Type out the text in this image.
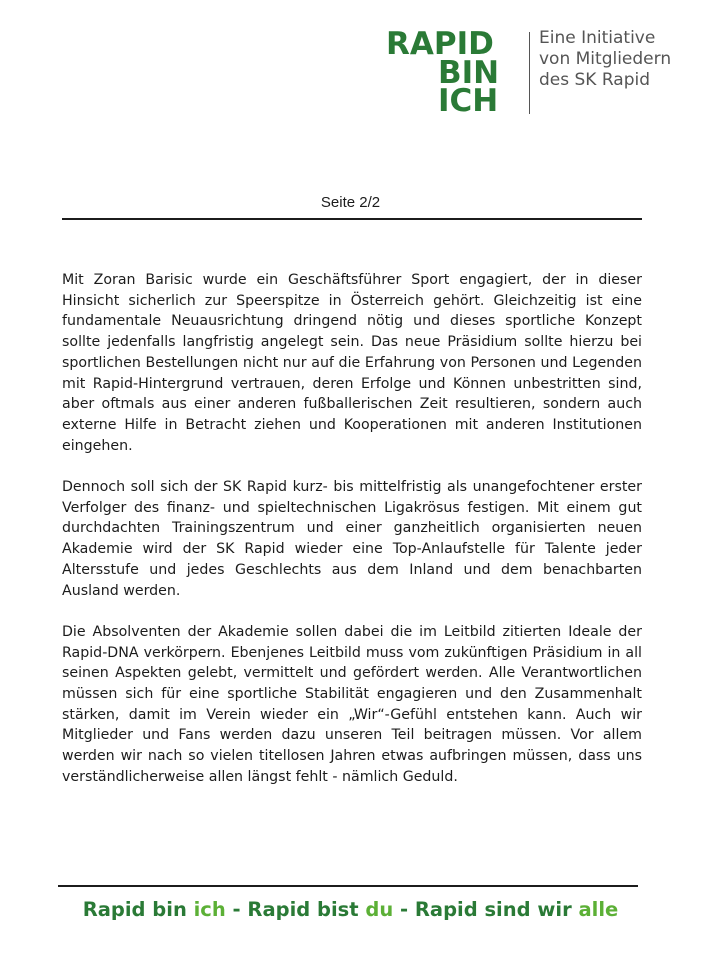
RAPID
BIN
ICH
Eine Initiative
von Mitgliedern
des SK Rapid
Seite 2/2

Mit Zoran Barisic wurde ein Geschäftsführer Sport engagiert, der in dieser Hinsicht sicherlich zur Speerspitze in Österreich gehört. Gleichzeitig ist eine fundamentale Neuausrichtung dringend nötig und dieses sportliche Konzept sollte jedenfalls langfristig angelegt sein. Das neue Präsidium sollte hierzu bei sportlichen Bestellungen nicht nur auf die Erfahrung von Personen und Legenden mit Rapid-Hintergrund vertrauen, deren Erfolge und Können unbestritten sind, aber oftmals aus einer anderen fußballerischen Zeit resultieren, sondern auch externe Hilfe in Betracht ziehen und Kooperationen mit anderen Institutionen eingehen.

Dennoch soll sich der SK Rapid kurz- bis mittelfristig als unangefochtener erster Verfolger des finanz- und spieltechnischen Ligakrösus festigen. Mit einem gut durchdachten Trainingszentrum und einer ganzheitlich organisierten neuen Akademie wird der SK Rapid wieder eine Top-Anlaufstelle für Talente jeder Altersstufe und jedes Geschlechts aus dem Inland und dem benachbarten Ausland werden.

Die Absolventen der Akademie sollen dabei die im Leitbild zitierten Ideale der Rapid-DNA verkörpern. Ebenjenes Leitbild muss vom zukünftigen Präsidium in all seinen Aspekten gelebt, vermittelt und gefördert werden. Alle Verantwortlichen müssen sich für eine sportliche Stabilität engagieren und den Zusammenhalt stärken, damit im Verein wieder ein „Wir“-Gefühl entstehen kann. Auch wir Mitglieder und Fans werden dazu unseren Teil beitragen müssen. Vor allem werden wir nach so vielen titellosen Jahren etwas aufbringen müssen, dass uns verständlicherweise allen längst fehlt - nämlich Geduld.

Rapid bin ich - Rapid bist du - Rapid sind wir alle
